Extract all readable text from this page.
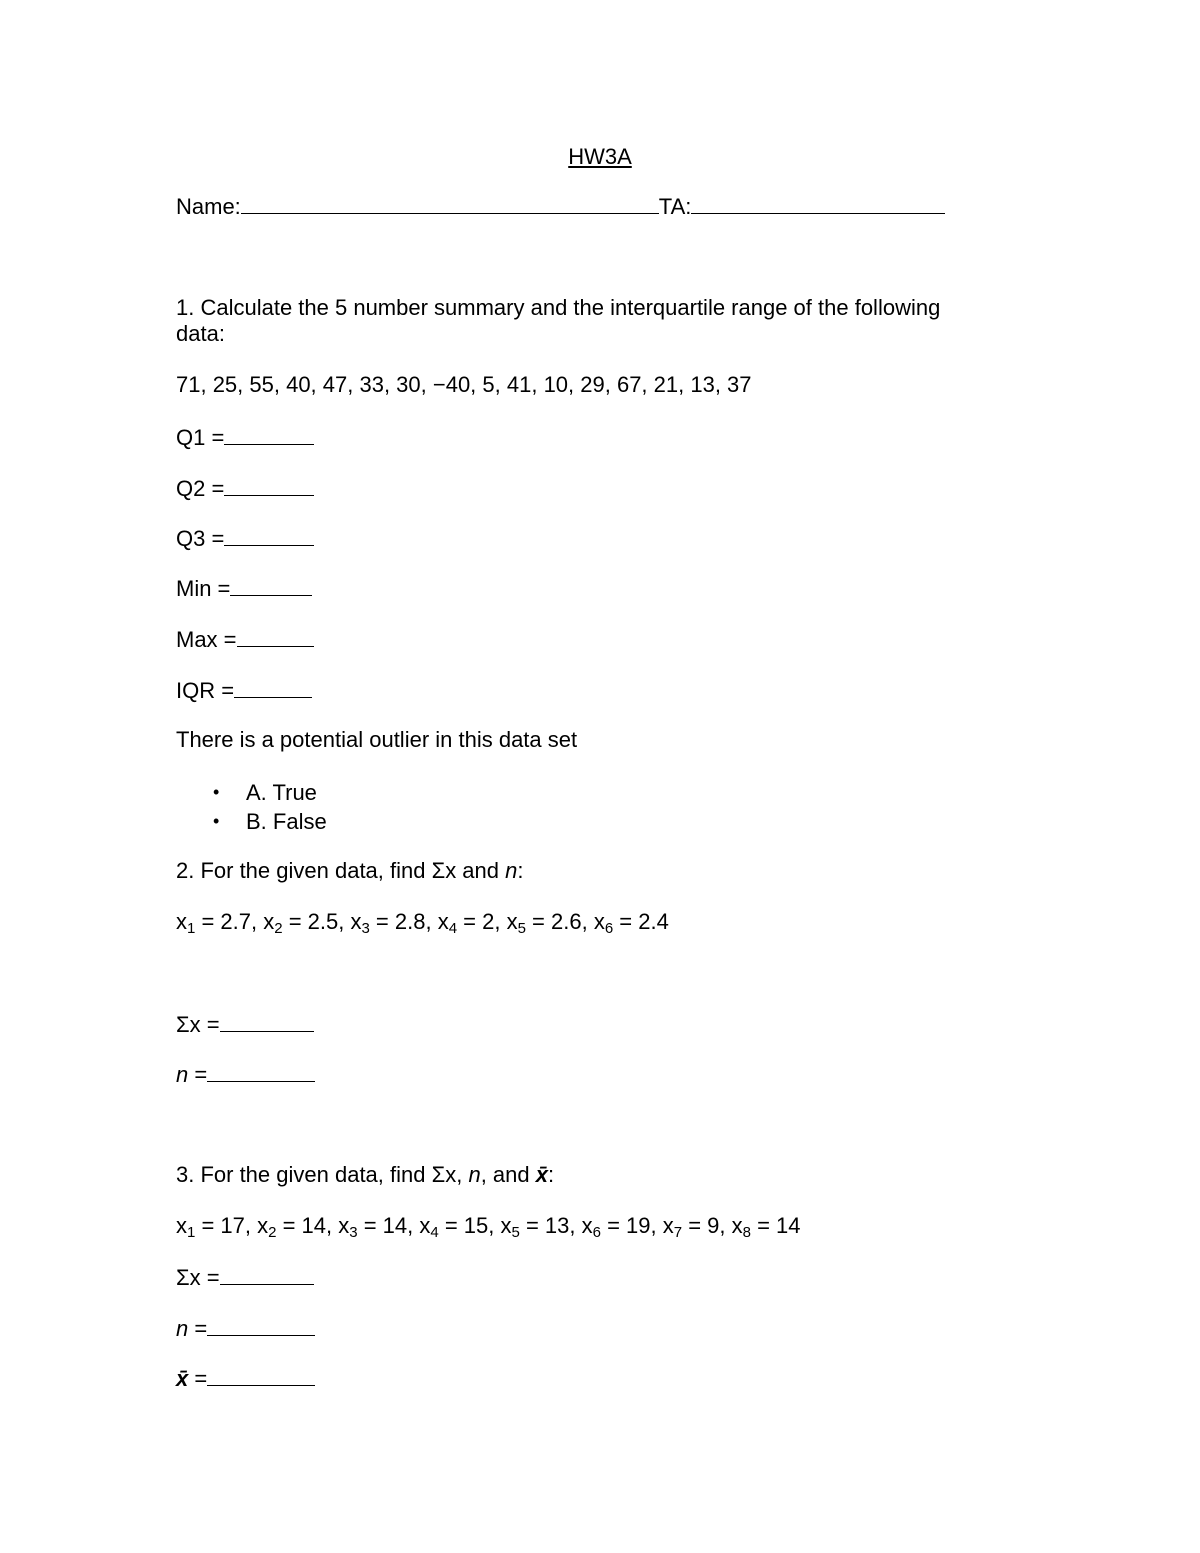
HW3A
Name:	TA:
1. Calculate the 5 number summary and the interquartile range of the following
data:
71, 25, 55, 40, 47, 33, 30, −40, 5, 41, 10, 29, 67, 21, 13, 37
Q1 =
Q2 =
Q3 =
Min =
Max =
IQR =
There is a potential outlier in this data set
• A. True
• B. False
2. For the given data, find Σx and n:
$x_1 = 2.7$, $x_2 = 2.5$, $x_3 = 2.8$, $x_4 = 2$, $x_5 = 2.6$, $x_6 = 2.4$
Σx =
n =
3. For the given data, find Σx, n, and x̄:
$x_1 = 17$, $x_2 = 14$, $x_3 = 14$, $x_4 = 15$, $x_5 = 13$, $x_6 = 19$, $x_7 = 9$, $x_8 = 14$
Σx =
n =
x̄ =
